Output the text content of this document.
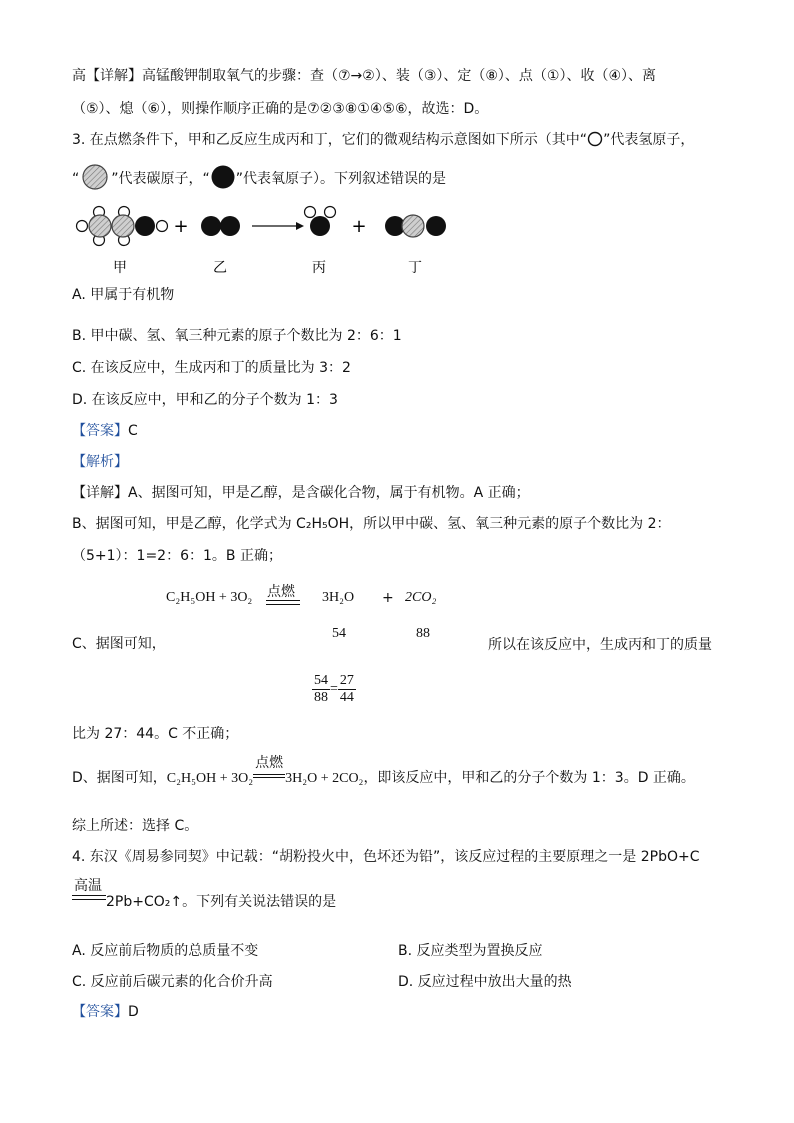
高【详解】高锰酸钾制取氧气的步骤：查（⑦→②）、装（③）、定（⑧）、点（①）、收（④）、离
（⑤）、熄（⑥），则操作顺序正确的是⑦②③⑧①④⑤⑥，故选：D。
3. 在点燃条件下，甲和乙反应生成丙和丁，它们的微观结构示意图如下所示（其中“ ”代表氢原子，
“ ”代表碳原子，“ ”代表氧原子）。下列叙述错误的是
+	+
甲	乙	丙	丁
A. 甲属于有机物
B. 甲中碳、氢、氧三种元素的原子个数比为 2：6：1
C. 在该反应中，生成丙和丁的质量比为 3：2
D. 在该反应中，甲和乙的分子个数为 1：3
【答案】C
【解析】
【详解】A、据图可知，甲是乙醇，是含碳化合物，属于有机物。A 正确；
B、据图可知，甲是乙醇，化学式为 C₂H₅OH，所以甲中碳、氢、氧三种元素的原子个数比为 2：
（5+1）：1=2：6：1。B 正确；
C₂H₅OH + 3O₂ 点燃 3H₂O + 2CO₂
54	88
C、据图可知，	所以在该反应中，生成丙和丁的质量
$\frac{54}{88} = \frac{27}{44}$
比为 27：44。C 不正确；
D、据图可知，C₂H₅OH + 3O₂
点燃
3H₂O + 2CO₂，即该反应中，甲和乙的分子个数为 1：3。D 正确。
综上所述：选择 C。
4. 东汉《周易参同契》中记载：“胡粉投火中，色坏还为铅”，该反应过程的主要原理之一是 2PbO+C
高温
2Pb+CO₂↑。下列有关说法错误的是
A. 反应前后物质的总质量不变	B. 反应类型为置换反应
C. 反应前后碳元素的化合价升高	D. 反应过程中放出大量的热
【答案】D
